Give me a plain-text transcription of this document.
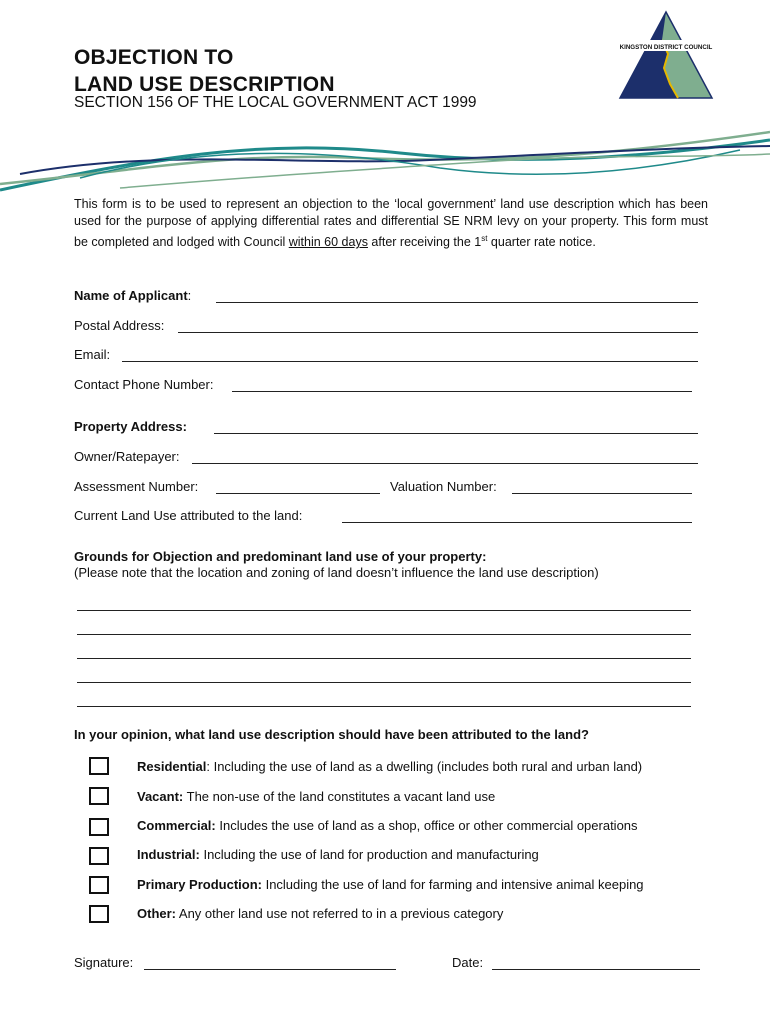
OBJECTION TO
LAND USE DESCRIPTION
SECTION 156 OF THE LOCAL GOVERNMENT ACT 1999
KINGSTON DISTRICT COUNCIL
This form is to be used to represent an objection to the ‘local government’ land use description which has been used for the purpose of applying differential rates and differential SE NRM levy on your property. This form must be completed and lodged with Council within 60 days after receiving the 1st quarter rate notice.
Name of Applicant:
Postal Address:
Email:
Contact Phone Number:
Property Address:
Owner/Ratepayer:
Assessment Number:	Valuation Number:
Current Land Use attributed to the land:
Grounds for Objection and predominant land use of your property:
(Please note that the location and zoning of land doesn’t influence the land use description)
In your opinion, what land use description should have been attributed to the land?
Residential: Including the use of land as a dwelling (includes both rural and urban land)
Vacant: The non-use of the land constitutes a vacant land use
Commercial: Includes the use of land as a shop, office or other commercial operations
Industrial: Including the use of land for production and manufacturing
Primary Production: Including the use of land for farming and intensive animal keeping
Other: Any other land use not referred to in a previous category
Signature:	Date:
